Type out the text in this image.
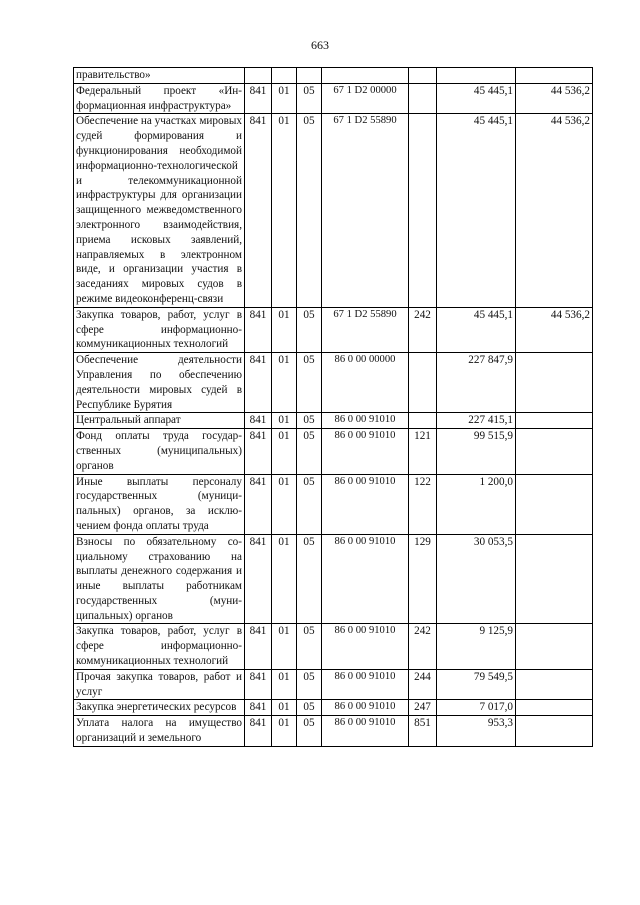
663
правительство»							
Федеральный проект «Информационная инфраструктура»	841	01	05	67 1 D2 00000		45 445,1	44 536,2
Обеспечение на участках мировых судей формирования и функционирования необходимой информационно-технологической и телекоммуникационной инфраструктуры для организации защищенного межведомственного электронного взаимодействия, приема исковых заявлений, направляемых в электронном виде, и организации участия в заседаниях мировых судов в режиме видеоконференц-связи	841	01	05	67 1 D2 55890		45 445,1	44 536,2
Закупка товаров, работ, услуг в сфере информационно-коммуникационных технологий	841	01	05	67 1 D2 55890	242	45 445,1	44 536,2
Обеспечение деятельности Управления по обеспечению деятельности мировых судей в Республике Бурятия	841	01	05	86 0 00 00000		227 847,9	
Центральный аппарат	841	01	05	86 0 00 91010		227 415,1	
Фонд оплаты труда государственных (муниципальных) органов	841	01	05	86 0 00 91010	121	99 515,9	
Иные выплаты персоналу государственных (муниципальных) органов, за исключением фонда оплаты труда	841	01	05	86 0 00 91010	122	1 200,0	
Взносы по обязательному социальному страхованию на выплаты денежного содержания и иные выплаты работникам государственных (муниципальных) органов	841	01	05	86 0 00 91010	129	30 053,5	
Закупка товаров, работ, услуг в сфере информационно-коммуникационных технологий	841	01	05	86 0 00 91010	242	9 125,9	
Прочая закупка товаров, работ и услуг	841	01	05	86 0 00 91010	244	79 549,5	
Закупка энергетических ресурсов	841	01	05	86 0 00 91010	247	7 017,0	
Уплата налога на имущество организаций и земельного	841	01	05	86 0 00 91010	851	953,3	
